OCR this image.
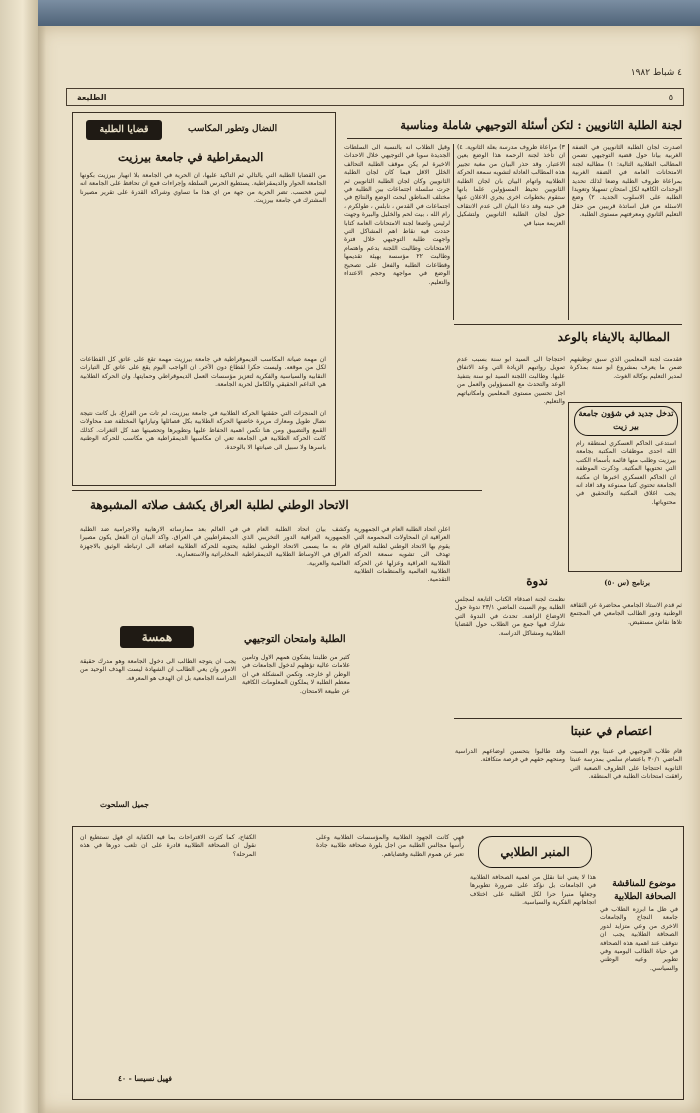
٤ شباط ١٩٨٢
٥
الطليعة
لجنة الطلبة الثانويين : لتكن أسئلة التوجيهي شاملة ومناسبة
اصدرت لجان الطلبة الثانويين في الضفة الغربية بيانا حول قضية التوجيهي تضمن المطالب الطلابية التالية: ١) مطالبة لجنة الامتحانات العامة في الضفة الغربية بمراعاة ظروف الطلبة وضعا لذلك تحديد الوحدات الكافية لكل امتحان تسهيلا وتعويدا الطلبة على الاسلوب الجديد. ٢) وضع الاسئلة من قبل اساتذة قريبين من حقل التعليم الثانوي ومعرفتهم مستوى الطلبة.
٣) مراعاة ظروف مدرسة بعلة الثانوية. ٤) ان تأخذ لجنة الرحمة هذا الوضع بعين الاعتبار. وقد حذر البيان من مغبة تجيير هذه المطالب العادلة لتشويه سمعة الحركة الطلابية واتهام البيان بان لجان الطلبة الثانويين تحيط المسؤولين علما بانها ستقوم بخطوات اخرى يجري الاعلان عنها في حينه وقد دعا البيان الى عدم الانتقاف حول لجان الطلبة الثانويين ولتشكيل العزيمة مبنيا في
وقيل الطلاب انه بالنسبة الى السلطات الجديدة سويا في التوجيهي خلال الاحداث الاخيرة لم يكن موقف الطلبة التحالف الخلل الاقل فيما كان لجان الطلبة الثانويين وكان لجان الطلبة الثانويين ثم جرت سلسلة اجتماعات بين الطلبة في مختلف المناطق لبحث الوضع والنتائج في اجتماعات في القدس ، نابلس ، طولكرم ، رام الله ، بيت لحم والخليل والبيرة وجهت لرئيس واضعا لجنة الامتحانات العامة كتابا حددت فيه نقاط اهم المشاكل التي واجهت طلبة التوجيهي خلال فترة الامتحانات وطالبت اللجنة بدعم واهتمام وطالبت ٢٢ مؤسسة بهيئة تقديمها وقطاعات الطلبة والفعل على تصحيح الوضع في مواجهة وحجم الاعتداء والتعليم.
قضايا الطلبة	النضال وتطور المكاسب
الديمقراطية في جامعة بيرزيت
من القضايا الطلبة التي بالتالي ثم التأكيد عليها، ان الحرية في الجامعة بلا انهيار بيرزيت بكونها الجامعة الحوار والديمقراطية. يستطيع الحرس السلطة وإجراءات قمع ان تحافظ على الجامعة انه ليس فحسب. تضر الحرية من جهة من اي هذا ما تساوي وشراكة القدرة على تقرير مصيرنا المشترك في جامعة بيرزيت.
ان مهمة صيانة المكاسب الديموقراطية في جامعة بيرزيت مهمة تقع على عاتق كل القطاعات لكل من موقعه. وليست حكرا لقطاع دون الآخر. ان الواجب اليوم يقع على عاتق كل التيارات النقابية والسياسية والفكرية لتعزيز مؤسسات العمل الديموقراطي وحمايتها. وان الحركة الطلابية هي الداعم الحقيقي والكامل لحرية الجامعة.
ان المنجزات التي حققتها الحركة الطلابية في جامعة بيرزيت، لم تأت من الفراغ، بل كانت نتيجة نضال طويل ومعارك مريرة خاضتها الحركة الطلابية بكل فصائلها وتياراتها المختلفة ضد محاولات القمع والتضييق ومن هنا تكمن اهمية الحفاظ عليها وتطويرها وتحصينها ضد كل الثغرات. كذلك كانت الحركة الطلابية في الجامعة تعي ان مكاسبها الديمقراطية هي مكاسب للحركة الوطنية باسرها ولا سبيل الى صيانتها الا بالوحدة.
المطالبة بالايفاء بالوعد
فقدمت لجنة المعلمين الذي سبق توظيفهم ضمن ما يعرف بمشروع ابو سنة بمذكرة لمدير التعليم بوكالة الغوث.
احتجاجا الى السيد ابو سنة بسبب عدم تمويل رواتبهم الزيادة التي وعد الاتفاق عليها. وطالبت اللجنة السيد ابو سنة بتنفيذ الوعد والتحدث مع المسؤولين والعمل من اجل تحسين مستوى المعلمين وامكانياتهم والتعليم.
تدخل جديد في شؤون جامعة بير زيت
استدعى الحاكم العسكري لمنطقة رام الله احدى موظفات المكتبة بجامعة بيرزيت وطلب منها قائمة بأسماء الكتب التي تحتويها المكتبة. وذكرت الموظفة ان الحاكم العسكري اخبرها ان مكتبة الجامعة تحتوي كتبا ممنوعة وقد افاد انه يجب اغلاق المكتبة والتحقيق في محتوياتها.
برنامج (س ٥٠)
الاتحاد الوطني لطلبة العراق يكشف صلاته المشبوهة
اعلن اتحاد الطلبة العام في الجمهورية العراقية ان المحاولات المحمومة التي يقوم بها الاتحاد الوطني لطلبة العراق تهدف الى تشويه سمعة الحركة الطلابية العراقية وعزلها عن الحركة الطلابية العالمية والمنظمات الطلابية التقدمية.
وكشف بيان اتحاد الطلبة العام في الجمهورية العراقية الدور التخريبي الذي قام به ما يسمى الاتحاد الوطني لطلبة العراق في الاوساط الطلابية الديمقراطية العالمية والعربية.
في العالم بعد ممارساته الارهابية والاجرامية ضد الطلبة الديمقراطيين في العراق. واكد البيان ان الفعل يكون مصيرا يحتويه للحركة الطلابية اضافة الى ارتباطه الوثيق بالاجهزة المخابراتية والاستعمارية.
ندوة
نظمت لجنة اصدقاء الكتاب التابعة لمجلس الطلبة يوم السبت الماضي ٢٣/١ ندوة حول الاوضاع الراهنة. تحدث في الندوة التي شارك فيها جمع من الطلاب حول القضايا الطلابية ومشاكل الدراسة.
ثم قدم الاستاذ الجامعي محاضرة عن الثقافة الوطنية ودور الطالب الجامعي في المجتمع تلاها نقاش مستفيض.
الطلبة وامتحان التوجيهي
كثير من طلبتنا يشكون همهم الاول وتأمين علامات عالية تؤهلهم لدخول الجامعات في الوطن او خارجه. وتكمن المشكلة في ان معظم الطلبة لا يملكون المعلومات الكافية عن طبيعة الامتحان.
همسة
يجب ان يتوجه الطالب الى دخول الجامعة وهو مدرك حقيقة الامور وان يعي الطالب ان الشهادة ليست الهدف الوحيد من الدراسة الجامعية بل ان الهدف هو المعرفة.
جميل السلحوت
اعتصام في عنبتا
قام طلاب التوجيهي في عنبتا يوم السبت الماضي ٣٠/١ باعتصام سلمي بمدرسة عنبتا الثانوية احتجاجا على الظروف الصعبة التي رافقت امتحانات الطلبة في المنطقة.
وقد طالبوا بتحسين اوضاعهم الدراسية ومنحهم حقهم في فرصة متكافئة.
المنبر الطلابي
موضوع للمناقشة الصحافة الطلابية
في ظل ما ابرزه الطلاب في جامعة النجاح والجامعات الاخرى من وعي متزايد لدور الصحافة الطلابية يجب ان نتوقف عند اهمية هذه الصحافة في حياة الطالب اليومية وفي تطوير وعيه الوطني والسياسي.
هذا لا يعني اننا نقلل من اهمية الصحافة الطلابية في الجامعات بل نؤكد على ضرورة تطويرها وجعلها منبرا حرا لكل الطلبة على اختلاف اتجاهاتهم الفكرية والسياسية.
فهي كانت الجهود الطلابية والمؤسسات الطلابية وعلى رأسها مجالس الطلبة من اجل بلورة صحافة طلابية جادة تعبر عن هموم الطلبة وقضاياهم.
الكفاح، كما كثرت الاقتراحات بما فيه الكفاية اي فهل نستطيع ان نقول ان الصحافة الطلابية قادرة على ان تلعب دورها في هذه المرحلة؟
فهيل نسيسا - ٤٠
